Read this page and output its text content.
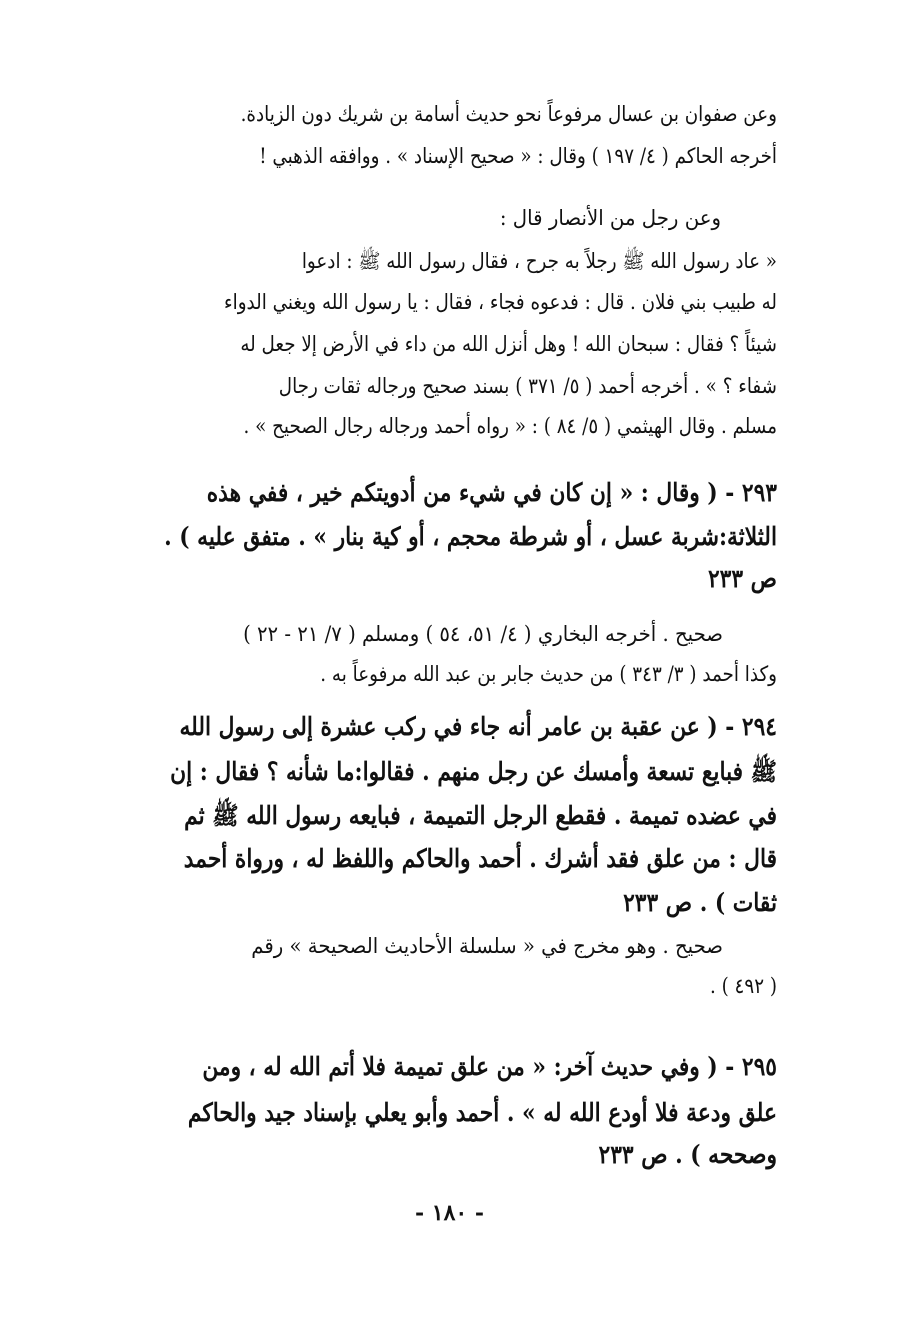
وعن صفوان بن عسال مرفوعاً نحو حديث أسامة بن شريك دون الزيادة.
أخرجه الحاكم ( ٤/ ١٩٧ ) وقال : « صحيح الإسناد » . ووافقه الذهبي !
وعن رجل من الأنصار قال :
« عاد رسول الله ﷺ رجلاً به جرح ، فقال رسول الله ﷺ : ادعوا
له طبيب بني فلان . قال : فدعوه فجاء ، فقال : يا رسول الله ويغني الدواء
شيئاً ؟ فقال : سبحان الله ! وهل أنزل الله من داء في الأرض إلا جعل له
شفاء ؟ » . أخرجه أحمد ( ٥/ ٣٧١ ) بسند صحيح ورجاله ثقات رجال
مسلم . وقال الهيثمي ( ٥/ ٨٤ ) : « رواه أحمد ورجاله رجال الصحيح » .
٢٩٣ - ( وقال : « إن كان في شيء من أدويتكم خير ، ففي هذه
الثلاثة:شربة عسل ، أو شرطة محجم ، أو كية بنار » . متفق عليه ) .
ص ٢٣٣
صحيح . أخرجه البخاري ( ٤/ ٥١، ٥٤ ) ومسلم ( ٧/ ٢١ - ٢٢ )
وكذا أحمد ( ٣/ ٣٤٣ ) من حديث جابر بن عبد الله مرفوعاً به .
٢٩٤ - ( عن عقبة بن عامر أنه جاء في ركب عشرة إلى رسول الله
ﷺ فبايع تسعة وأمسك عن رجل منهم . فقالوا:ما شأنه ؟ فقال : إن
في عضده تميمة . فقطع الرجل التميمة ، فبايعه رسول الله ﷺ ثم
قال : من علق فقد أشرك . أحمد والحاكم واللفظ له ، ورواة أحمد
ثقات ) . ص ٢٣٣
صحيح . وهو مخرج في « سلسلة الأحاديث الصحيحة » رقم
( ٤٩٢ ) .
٢٩٥ - ( وفي حديث آخر: « من علق تميمة فلا أتم الله له ، ومن
علق ودعة فلا أودع الله له » . أحمد وأبو يعلي بإسناد جيد والحاكم
وصححه ) . ص ٢٣٣
- ١٨٠ -
